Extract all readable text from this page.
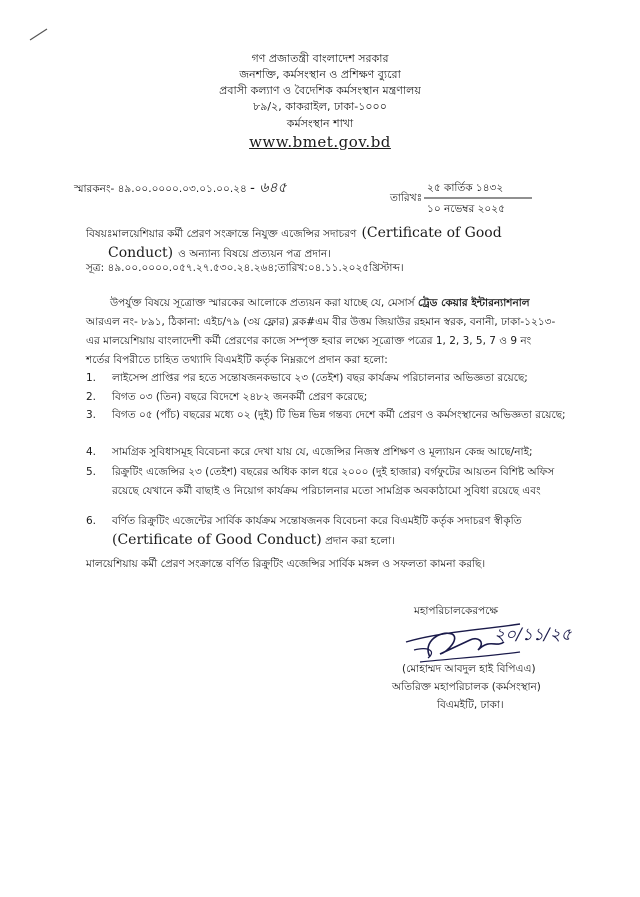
গণ প্রজাতন্ত্রী বাংলাদেশ সরকার
জনশক্তি, কর্মসংস্থান ও প্রশিক্ষণ ব্যুরো
প্রবাসী কল্যাণ ও বৈদেশিক কর্মসংস্থান মন্ত্রণালয়
৮৯/২, কাকরাইল, ঢাকা-১০০০
কর্মসংস্থান শাখা
www.bmet.gov.bd
স্মারকনং- ৪৯.০০.০০০০.০৩.০১.০০.২৪ - ৬৪৫
তারিখঃ
২৫ কার্তিক ১৪৩২
১০ নভেম্বর ২০২৫
বিষয়ঃমালয়েশিয়ার কর্মী প্রেরণ সংক্রান্তে নিযুক্ত এজেন্সির সদাচরণ (Certificate of Good
Conduct) ও অন্যান্য বিষয়ে প্রত্যয়ন পত্র প্রদান।
সূত্র: ৪৯.০০.০০০০.০৫৭.২৭.৫৩০.২৪.২৬৪;তারিখ:০৪.১১.২০২৫খ্রিস্টাব্দ।
উপর্যুক্ত বিষয়ে সূত্রোক্ত স্মারকের আলোকে প্রত্যয়ন করা যাচ্ছে যে, মেসার্স ট্রেড কেয়ার ইন্টারন্যাশনাল
আরএল নং- ৮৯১, ঠিকানা: এইচ/৭৯ (৩য় ফ্লোর) ব্লক#এম বীর উত্তম জিয়াউর রহমান স্বরক, বনানী, ঢাকা-১২১৩-
এর মালয়েশিয়ায় বাংলাদেশী কর্মী প্রেরণের কাজে সম্পৃক্ত হবার লক্ষ্যে সূত্রোক্ত পত্রের 1, 2, 3, 5, 7 ও 9 নং
শর্তের বিপরীতে চাহিত তথ্যাদি বিএমইটি কর্তৃক নিম্নরূপে প্রদান করা হলো:
1.	লাইসেন্স প্রাপ্তির পর হতে সন্তোষজনকভাবে ২৩ (তেইশ) বছর কার্যক্রম পরিচালনার অভিজ্ঞতা রয়েছে;
2.	বিগত ০৩ (তিন) বছরে বিদেশে ২৪৮২ জনকর্মী প্রেরণ করেছে;
3.	বিগত ০৫ (পাঁচ) বছরের মধ্যে ০২ (দুই) টি ভিন্ন ভিন্ন গন্তব্য দেশে কর্মী প্রেরণ ও কর্মসংস্থানের অভিজ্ঞতা রয়েছে;
4.	সামগ্রিক সুবিধাসমূহ বিবেচনা করে দেখা যায় যে, এজেন্সির নিজস্ব প্রশিক্ষণ ও মূল্যায়ন কেন্দ্র আছে/নাই;
5.	রিক্রুটিং এজেন্সির ২৩ (তেইশ) বছরের অধিক কাল ধরে ২০০০ (দুই হাজার) বর্গফুটের আয়তন বিশিষ্ট অফিস রয়েছে যেখানে কর্মী বাছাই ও নিয়োগ কার্যক্রম পরিচালনার মতো সামগ্রিক অবকাঠামো সুবিধা রয়েছে এবং
6.	বর্ণিত রিক্রুটিং এজেন্টের সার্বিক কার্যক্রম সন্তোষজনক বিবেচনা করে বিএমইটি কর্তৃক সদাচরণ স্বীকৃতি (Certificate of Good Conduct) প্রদান করা হলো।
মালয়েশিয়ায় কর্মী প্রেরণ সংক্রান্তে বর্ণিত রিক্রুটিং এজেন্সির সার্বিক মঙ্গল ও সফলতা কামনা করছি।
মহাপরিচালকেরপক্ষে
২০/১১/২৫
(মোহাম্মদ আবদুল হাই বিপিএএ)
অতিরিক্ত মহাপরিচালক (কর্মসংস্থান)
বিএমইটি, ঢাকা।
